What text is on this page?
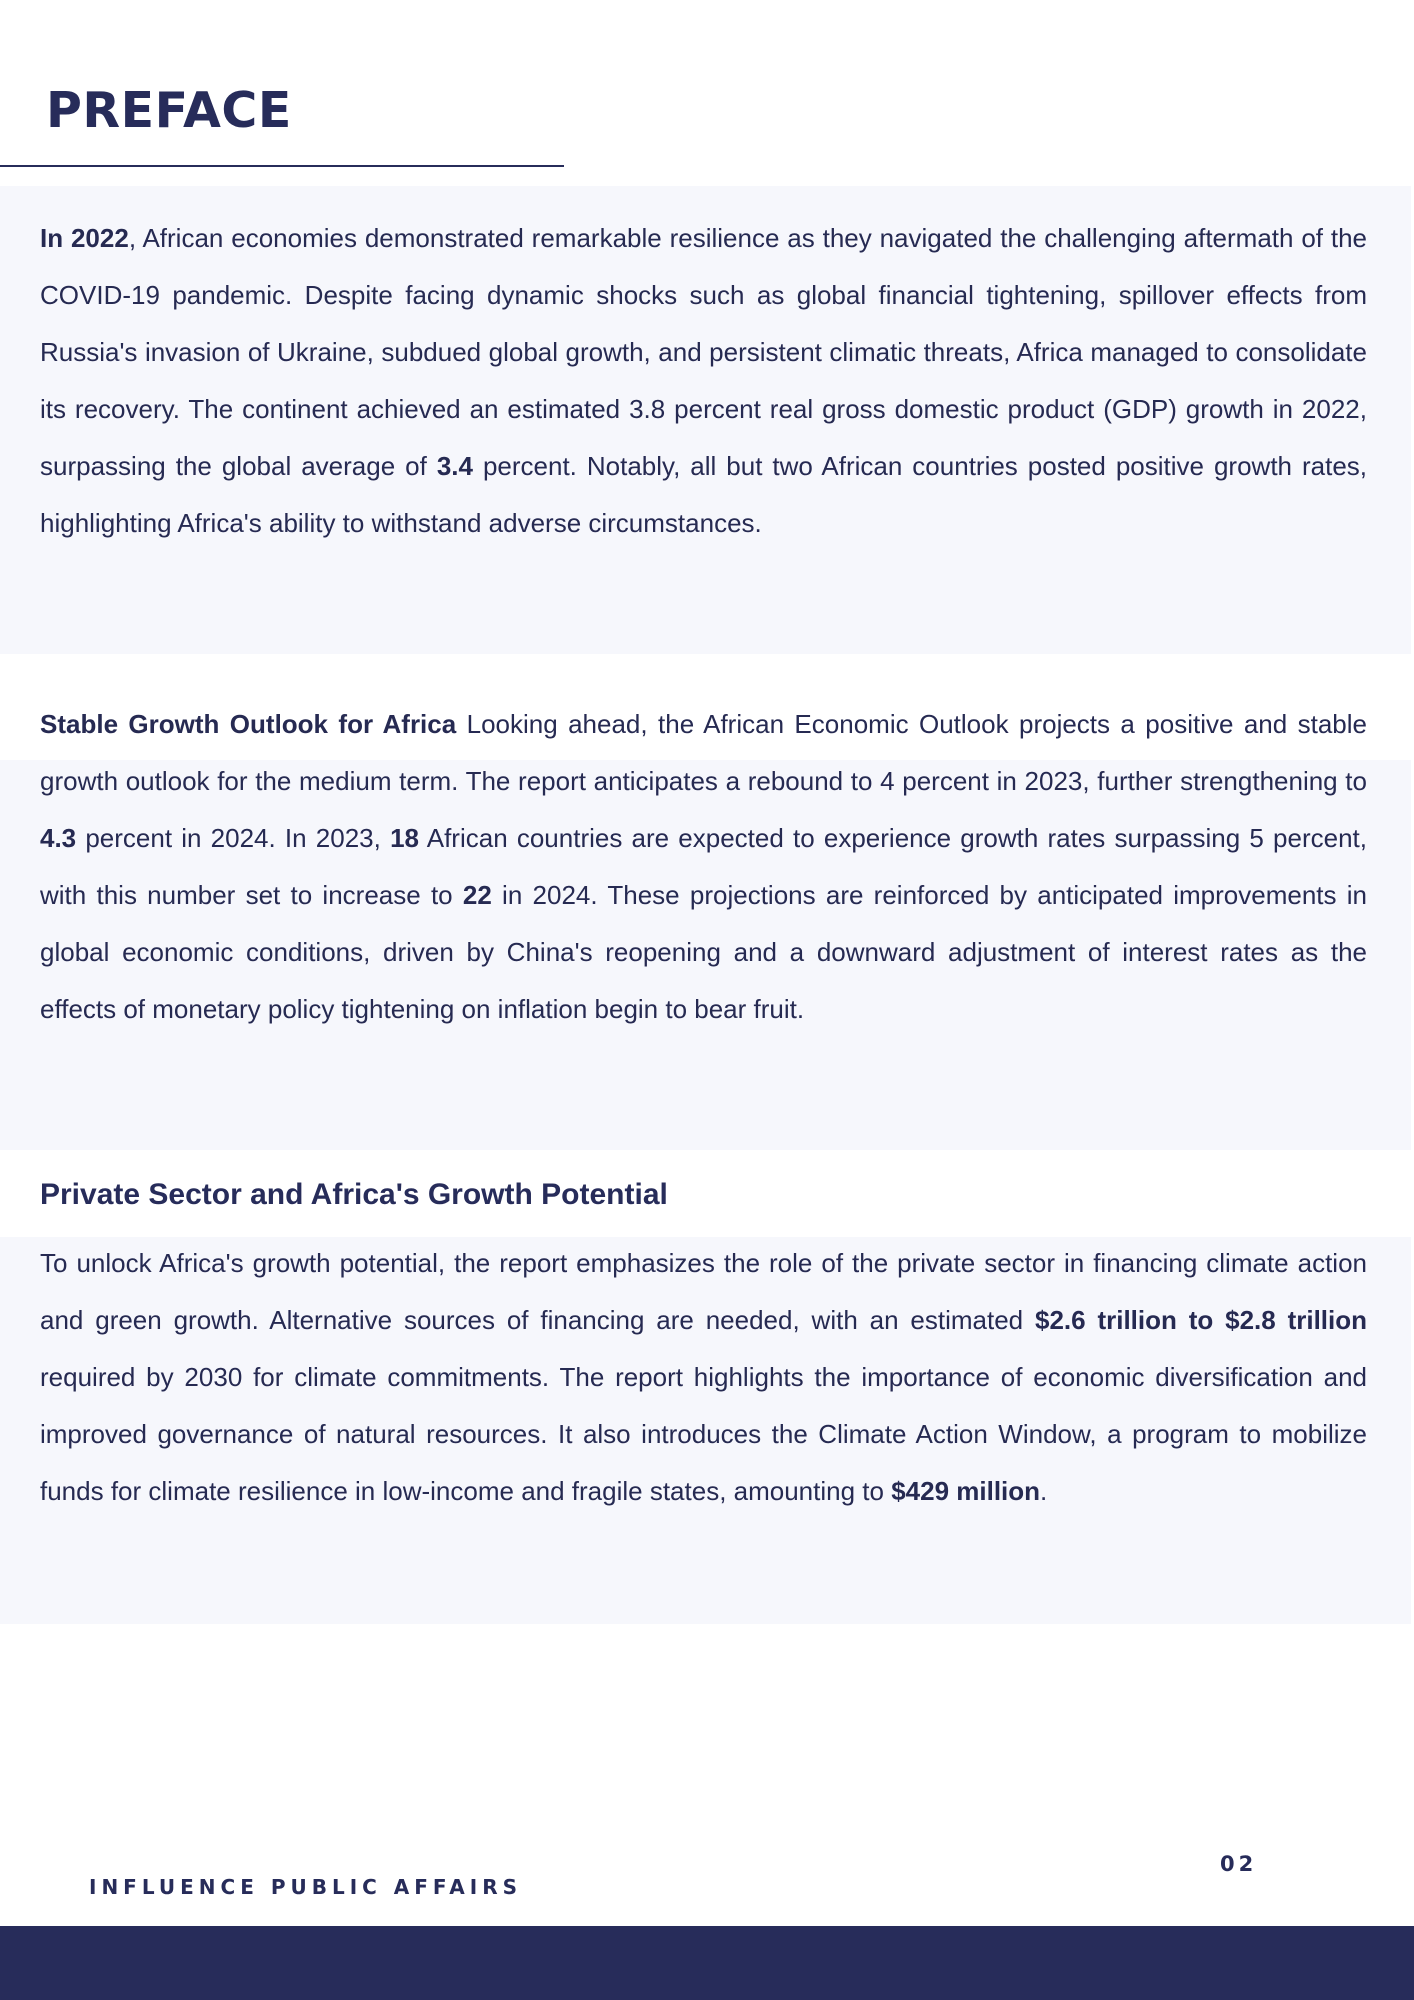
PREFACE

In 2022, African economies demonstrated remarkable resilience as they navigated the challenging aftermath of the COVID-19 pandemic. Despite facing dynamic shocks such as global financial tightening, spillover effects from Russia's invasion of Ukraine, subdued global growth, and persistent climatic threats, Africa managed to consolidate its recovery. The continent achieved an estimated 3.8 percent real gross domestic product (GDP) growth in 2022, surpassing the global average of 3.4 percent. Notably, all but two African countries posted positive growth rates, highlighting Africa's ability to withstand adverse circumstances.

Stable Growth Outlook for Africa Looking ahead, the African Economic Outlook projects a positive and stable growth outlook for the medium term. The report anticipates a rebound to 4 percent in 2023, further strengthening to 4.3 percent in 2024. In 2023, 18 African countries are expected to experience growth rates surpassing 5 percent, with this number set to increase to 22 in 2024. These projections are reinforced by anticipated improvements in global economic conditions, driven by China's reopening and a downward adjustment of interest rates as the effects of monetary policy tightening on inflation begin to bear fruit.

Private Sector and Africa's Growth Potential

To unlock Africa's growth potential, the report emphasizes the role of the private sector in financing climate action and green growth. Alternative sources of financing are needed, with an estimated $2.6 trillion to $2.8 trillion required by 2030 for climate commitments. The report highlights the importance of economic diversification and improved governance of natural resources. It also introduces the Climate Action Window, a program to mobilize funds for climate resilience in low-income and fragile states, amounting to $429 million.

02
INFLUENCE PUBLIC AFFAIRS
